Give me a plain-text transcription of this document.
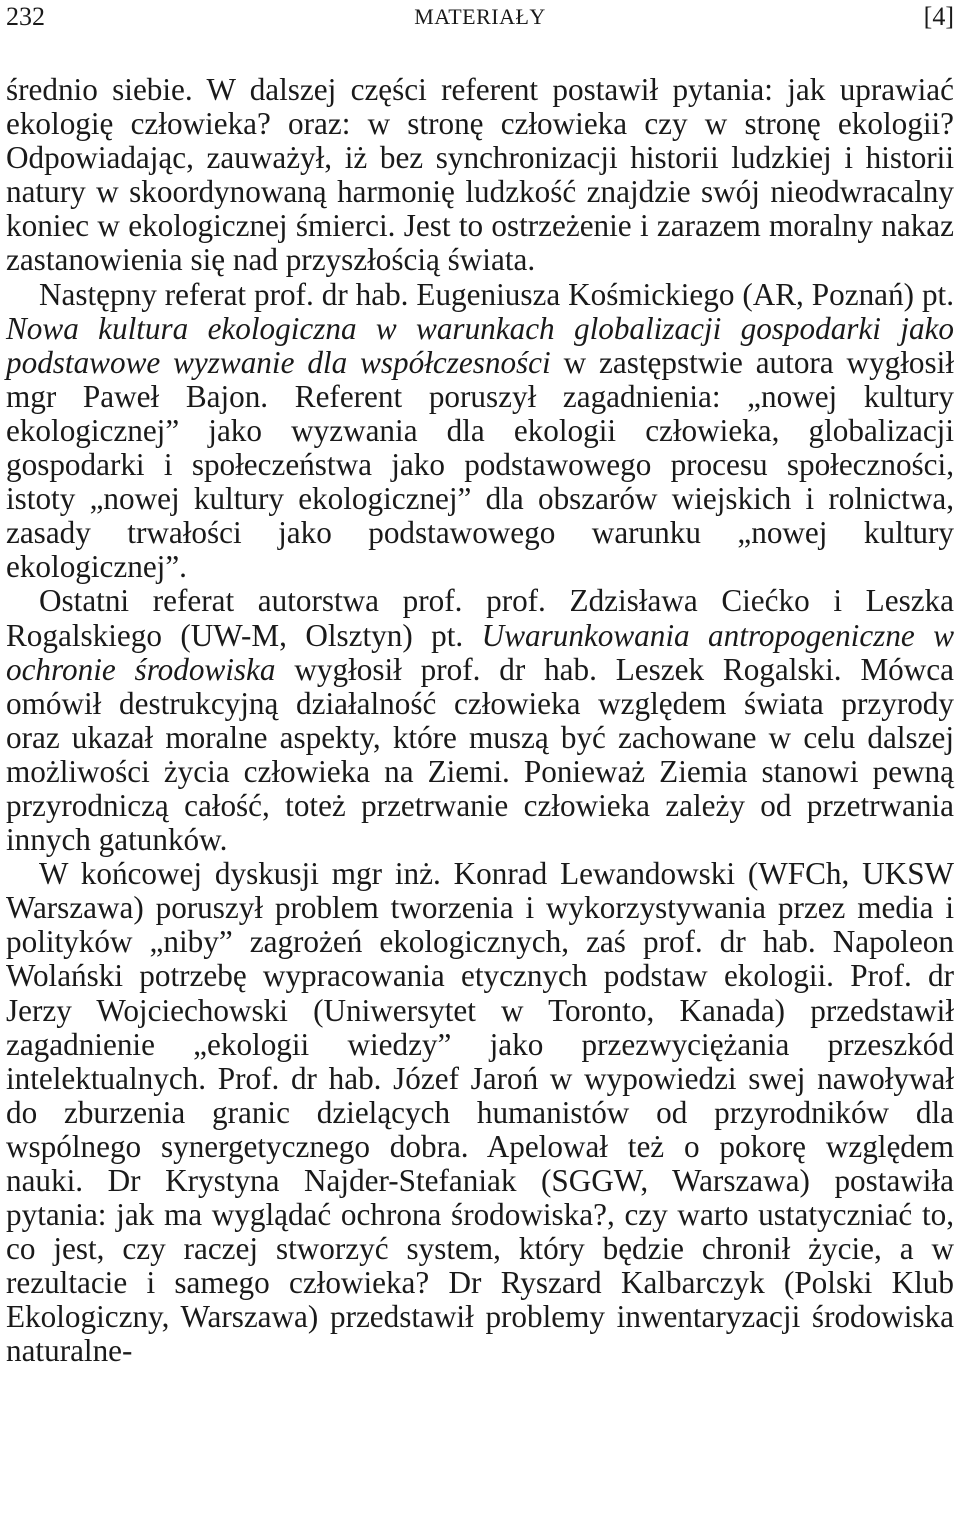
232	MATERIAŁY	[4]

średnio siebie. W dalszej części referent postawił pytania: jak uprawiać ekologię człowieka? oraz: w stronę człowieka czy w stronę ekologii? Odpowiadając, zauważył, iż bez synchronizacji historii ludzkiej i historii natury w skoordynowaną harmonię ludzkość znajdzie swój nieodwracalny koniec w ekologicznej śmierci. Jest to ostrzeżenie i zarazem moralny nakaz zastanowienia się nad przyszłością świata.

Następny referat prof. dr hab. Eugeniusza Kośmickiego (AR, Poznań) pt. Nowa kultura ekologiczna w warunkach globalizacji gospodarki jako podstawowe wyzwanie dla współczesności w zastępstwie autora wygłosił mgr Paweł Bajon. Referent poruszył zagadnienia: „nowej kultury ekologicznej” jako wyzwania dla ekologii człowieka, globalizacji gospodarki i społeczeństwa jako podstawowego procesu społeczności, istoty „nowej kultury ekologicznej” dla obszarów wiejskich i rolnictwa, zasady trwałości jako podstawowego warunku „nowej kultury ekologicznej”.

Ostatni referat autorstwa prof. prof. Zdzisława Ciećko i Leszka Rogalskiego (UW-M, Olsztyn) pt. Uwarunkowania antropogeniczne w ochronie środowiska wygłosił prof. dr hab. Leszek Rogalski. Mówca omówił destrukcyjną działalność człowieka względem świata przyrody oraz ukazał moralne aspekty, które muszą być zachowane w celu dalszej możliwości życia człowieka na Ziemi. Ponieważ Ziemia stanowi pewną przyrodniczą całość, toteż przetrwanie człowieka zależy od przetrwania innych gatunków.

W końcowej dyskusji mgr inż. Konrad Lewandowski (WFCh, UKSW Warszawa) poruszył problem tworzenia i wykorzystywania przez media i polityków „niby” zagrożeń ekologicznych, zaś prof. dr hab. Napoleon Wolański potrzebę wypracowania etycznych podstaw ekologii. Prof. dr Jerzy Wojciechowski (Uniwersytet w Toronto, Kanada) przedstawił zagadnienie „ekologii wiedzy” jako przezwyciężania przeszkód intelektualnych. Prof. dr hab. Józef Jaroń w wypowiedzi swej nawoływał do zburzenia granic dzielących humanistów od przyrodników dla wspólnego synergetycznego dobra. Apelował też o pokorę względem nauki. Dr Krystyna Najder-Stefaniak (SGGW, Warszawa) postawiła pytania: jak ma wyglądać ochrona środowiska?, czy warto ustatyczniać to, co jest, czy raczej stworzyć system, który będzie chronił życie, a w rezultacie i samego człowieka? Dr Ryszard Kalbarczyk (Polski Klub Ekologiczny, Warszawa) przedstawił problemy inwentaryzacji środowiska naturalne-
